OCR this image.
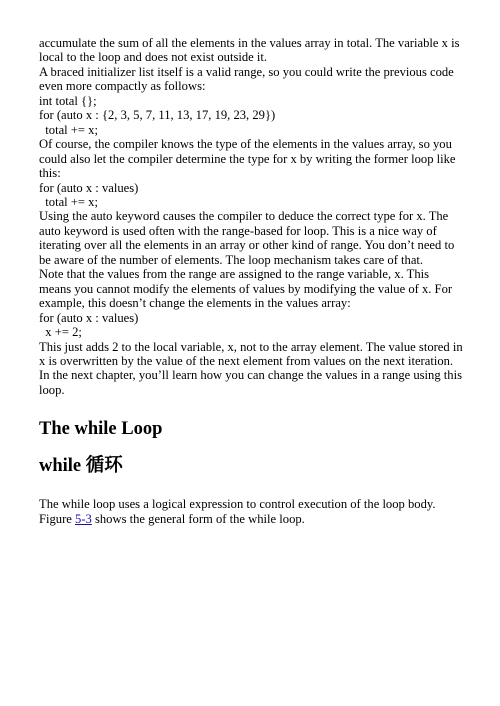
accumulate the sum of all the elements in the values array in total. The variable x is local to the loop and does not exist outside it.

A braced initializer list itself is a valid range, so you could write the previous code even more compactly as follows:

int total {};
for (auto x : {2, 3, 5, 7, 11, 13, 17, 19, 23, 29})
total += x;

Of course, the compiler knows the type of the elements in the values array, so you could also let the compiler determine the type for x by writing the former loop like this:

for (auto x : values)
total += x;

Using the auto keyword causes the compiler to deduce the correct type for x. The auto keyword is used often with the range-based for loop. This is a nice way of iterating over all the elements in an array or other kind of range. You don’t need to be aware of the number of elements. The loop mechanism takes care of that.

Note that the values from the range are assigned to the range variable, x. This means you cannot modify the elements of values by modifying the value of x. For example, this doesn’t change the elements in the values array:

for (auto x : values)
x += 2;

This just adds 2 to the local variable, x, not to the array element. The value stored in x is overwritten by the value of the next element from values on the next iteration. In the next chapter, you’ll learn how you can change the values in a range using this loop.

The while Loop
while 循环

The while loop uses a logical expression to control execution of the loop body. Figure 5-3 shows the general form of the while loop.
